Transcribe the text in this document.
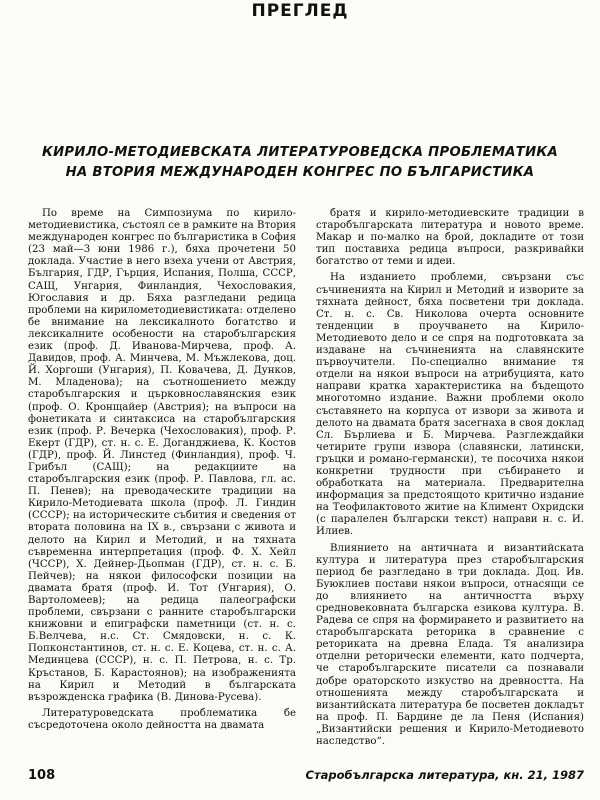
ПРЕГЛЕД
КИРИЛО-МЕТОДИЕВСКАТА ЛИТЕРАТУРОВЕДСКА ПРОБЛЕМАТИКА
НА ВТОРИЯ МЕЖДУНАРОДЕН КОНГРЕС ПО БЪЛГАРИСТИКА

По време на Симпозиума по кирило-методиевистика, състоял се в рамките на Втория международен конгрес по българистика в София (23 май—3 юни 1986 г.), бяха прочетени 50 доклада. Участие в него взеха учени от Австрия, България, ГДР, Гърция, Испания, Полша, СССР, САЩ, Унгария, Финландия, Чехословакия, Югославия и др. Бяха разгледани редица проблеми на кирилометодиевистиката: отделено бе внимание на лексикалното богатство и лексикалните особености на старобългарския език (проф. Д. Иванова-Мирчева, проф. А. Давидов, проф. А. Минчева, М. Мъжлекова, доц. Й. Хоргоши (Унгария), П. Ковачева, Д. Дунков, М. Младенова); на съотношението между старобългарския и църковнославянския език (проф. О. Кронщайер (Австрия); на въпроси на фонетиката и синтаксиса на старобългарския език (проф. Р. Вечерка (Чехословакия), проф. Р. Екерт (ГДР), ст. н. с. Е. Доганджиева, К. Костов (ГДР), проф. Й. Линстед (Финландия), проф. Ч. Грибъл (САЩ); на редакциите на старобългарския език (проф. Р. Павлова, гл. ас. П. Пенев); на преводаческите традиции на Кирило-Методиевата школа (проф. Л. Гиндин (СССР); на историческите събития и сведения от втората половина на IX в., свързани с живота и делото на Кирил и Методий, и на тяхната съвременна интерпретация (проф. Ф. Х. Хейл (ЧССР), Х. Дейнер-Дьопман (ГДР), ст. н. с. Б. Пейчев); на някои философски позиции на двамата братя (проф. И. Тот (Унгария), О. Вартоломеев); на редица палеографски проблеми, свързани с ранните старобългарски книжовни и епиграфски паметници (ст. н. с. Б.Велчева, н.с. Ст. Смядовски, н. с. К. Попконстантинов, ст. н. с. Е. Коцева, ст. н. с. А. Мединцева (СССР), н. с. П. Петрова, н. с. Тр. Кръстанов, Б. Карастоянов); на изображенията на Кирил и Методий в българската възрожденска графика (В. Динова-Русева).

Литературоведската проблематика бе съсредоточена около дейността на двамата

братя и кирило-методиевските традиции в старобългарската литература и новото време. Макар и по-малко на брой, докладите от този тип поставиха редица въпроси, разкривайки богатство от теми и идеи.

На изданието проблеми, свързани със съчиненията на Кирил и Методий и изворите за тяхната дейност, бяха посветени три доклада. Ст. н. с. Св. Николова очерта основните тенденции в проучването на Кирило-Методиевото дело и се спря на подготовката за издаване на съчиненията на славянските първоучители. По-специално внимание тя отдели на някои въпроси на атрибуцията, като направи кратка характеристика на бъдещото многотомно издание. Важни проблеми около съставянето на корпуса от извори за живота и делото на двамата братя засегнаха в своя доклад Сл. Бърлиева и Б. Мирчева. Разглеждайки четирите групи извора (славянски, латински, гръцки и романо-германски), те посочиха някои конкретни трудности при събирането и обработката на материала. Предварителна информация за предстоящото критично издание на Теофилактовото житие на Климент Охридски (с паралелен български текст) направи н. с. И. Илиев.

Влиянието на античната и византийската култура и литература през старобългарския период бе разгледано в три доклада. Доц. Ив. Буюклиев постави някои въпроси, отнасящи се до влиянието на античността върху средновековната българска езикова култура. В. Радева се спря на формирането и развитието на старобългарската реторика в сравнение с реториката на древна Елада. Тя анализира отделни реторически елементи, като подчерта, че старобългарските писатели са познавали добре ораторското изкуство на древността. На отношенията между старобългарската и византийската литература бе посветен докладът на проф. П. Бардине де ла Пеня (Испания) „Византийски решения и Кирило-Методиевото наследство“.

108	Старобългарска литература, кн. 21, 1987
